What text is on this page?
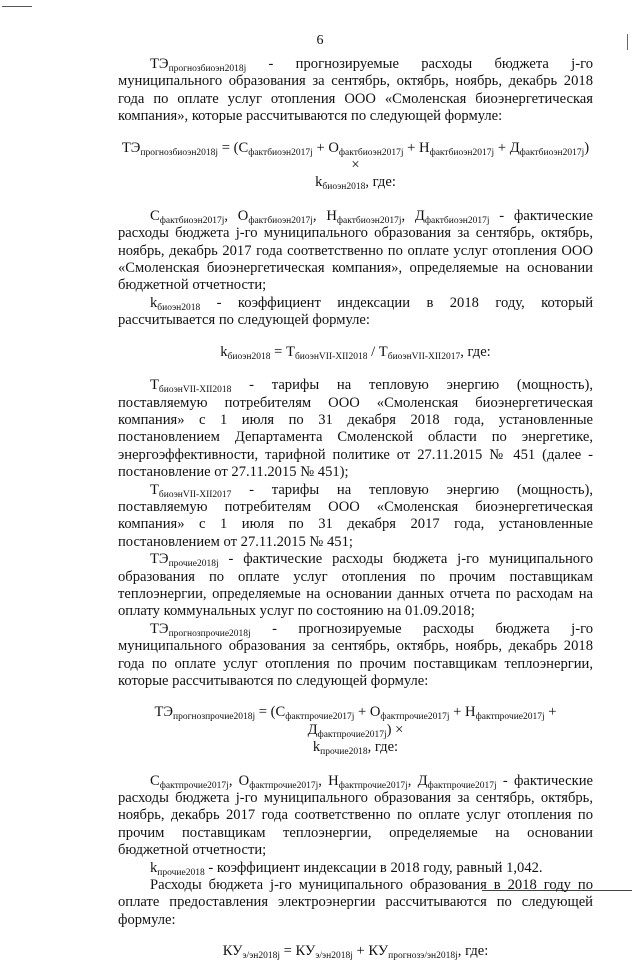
6

$ТЭ_{прогнозбиоэн2018j}$ - прогнозируемые расходы бюджета j-го муниципального образования за сентябрь, октябрь, ноябрь, декабрь 2018 года по оплате услуг отопления ООО «Смоленская биоэнергетическая компания», которые рассчитываются по следующей формуле:

$ТЭ_{прогнозбиоэн2018j} = (С_{фактбиоэн2017j} + О_{фактбиоэн2017j} + Н_{фактбиоэн2017j} + Д_{фактбиоэн2017j})$ ×
$k_{биоэн2018}$, где:

$С_{фактбиоэн2017j}$, $О_{фактбиоэн2017j}$, $Н_{фактбиоэн2017j}$, $Д_{фактбиоэн2017j}$ - фактические расходы бюджета j-го муниципального образования за сентябрь, октябрь, ноябрь, декабрь 2017 года соответственно по оплате услуг отопления ООО «Смоленская биоэнергетическая компания», определяемые на основании бюджетной отчетности;

$k_{биоэн2018}$ - коэффициент индексации в 2018 году, который рассчитывается по следующей формуле:

$k_{биоэн2018} = Т_{биоэнVII-XII2018} / Т_{биоэнVII-XII2017}$, где:

$Т_{биоэнVII-XII2018}$ - тарифы на тепловую энергию (мощность), поставляемую потребителям ООО «Смоленская биоэнергетическая компания» с 1 июля по 31 декабря 2018 года, установленные постановлением Департамента Смоленской области по энергетике, энергоэффективности, тарифной политике от 27.11.2015 № 451 (далее - постановление от 27.11.2015 № 451);

$Т_{биоэнVII-XII2017}$ - тарифы на тепловую энергию (мощность), поставляемую потребителям ООО «Смоленская биоэнергетическая компания» с 1 июля по 31 декабря 2017 года, установленные постановлением от 27.11.2015 № 451;

$ТЭ_{прочие2018j}$ - фактические расходы бюджета j-го муниципального образования по оплате услуг отопления по прочим поставщикам теплоэнергии, определяемые на основании данных отчета по расходам на оплату коммунальных услуг по состоянию на 01.09.2018;

$ТЭ_{прогнозпрочие2018j}$ - прогнозируемые расходы бюджета j-го муниципального образования за сентябрь, октябрь, ноябрь, декабрь 2018 года по оплате услуг отопления по прочим поставщикам теплоэнергии, которые рассчитываются по следующей формуле:

$ТЭ_{прогнозпрочие2018j} = (С_{фактпрочие2017j} + О_{фактпрочие2017j} + Н_{фактпрочие2017j} + Д_{фактпрочие2017j})$ ×
$k_{прочие2018}$, где:

$С_{фактпрочие2017j}$, $О_{фактпрочие2017j}$, $Н_{фактпрочие2017j}$, $Д_{фактпрочие2017j}$ - фактические расходы бюджета j-го муниципального образования за сентябрь, октябрь, ноябрь, декабрь 2017 года соответственно по оплате услуг отопления по прочим поставщикам теплоэнергии, определяемые на основании бюджетной отчетности;

$k_{прочие2018}$ - коэффициент индексации в 2018 году, равный 1,042.

Расходы бюджета j-го муниципального образования в 2018 году по оплате предоставления электроэнергии рассчитываются по следующей формуле:

$КУ_{э/эн2018j} = КУ_{э/эн2018j} + КУ_{прогнозэ/эн2018j}$, где:
